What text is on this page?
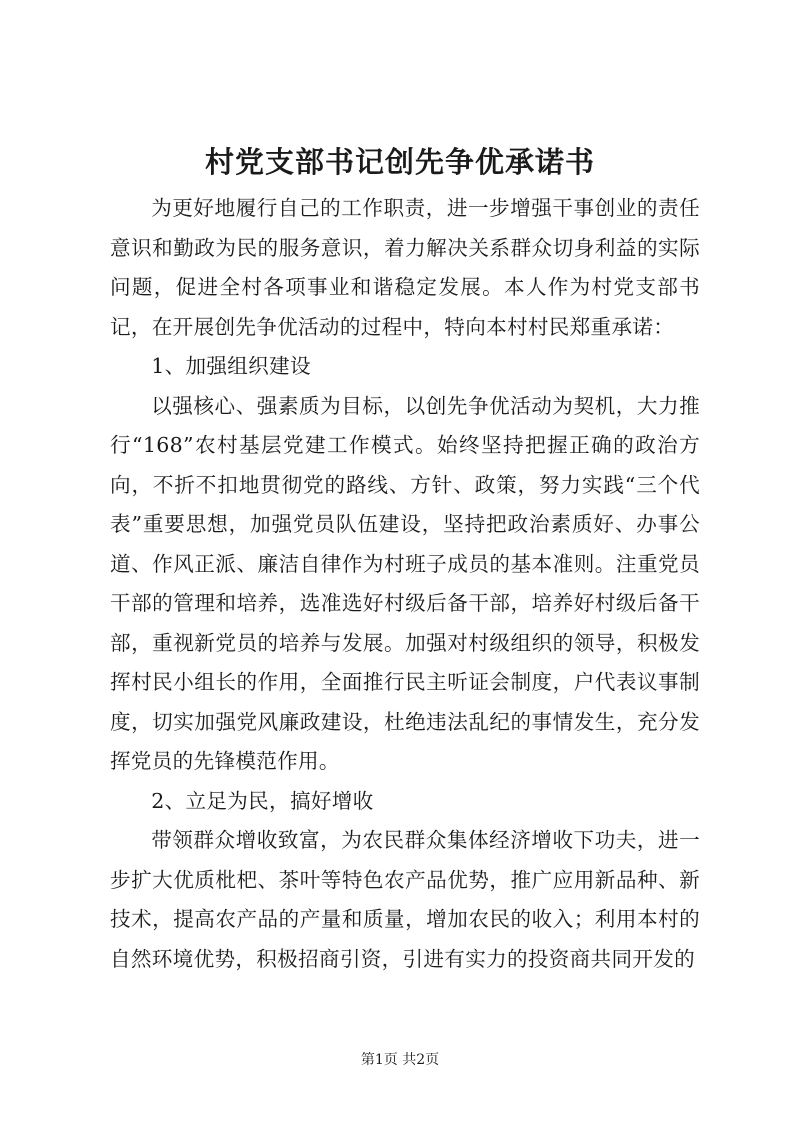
村党支部书记创先争优承诺书

为更好地履行自己的工作职责，进一步增强干事创业的责任意识和勤政为民的服务意识，着力解决关系群众切身利益的实际问题，促进全村各项事业和谐稳定发展。本人作为村党支部书记，在开展创先争优活动的过程中，特向本村村民郑重承诺：

1、加强组织建设

以强核心、强素质为目标，以创先争优活动为契机，大力推行“168”农村基层党建工作模式。始终坚持把握正确的政治方向，不折不扣地贯彻党的路线、方针、政策，努力实践“三个代表”重要思想，加强党员队伍建设，坚持把政治素质好、办事公道、作风正派、廉洁自律作为村班子成员的基本准则。注重党员干部的管理和培养，选准选好村级后备干部，培养好村级后备干部，重视新党员的培养与发展。加强对村级组织的领导，积极发挥村民小组长的作用，全面推行民主听证会制度，户代表议事制度，切实加强党风廉政建设，杜绝违法乱纪的事情发生，充分发挥党员的先锋模范作用。

2、立足为民，搞好增收

带领群众增收致富，为农民群众集体经济增收下功夫，进一步扩大优质枇杷、茶叶等特色农产品优势，推广应用新品种、新技术，提高农产品的产量和质量，增加农民的收入；利用本村的自然环境优势，积极招商引资，引进有实力的投资商共同开发的

第1页 共2页
